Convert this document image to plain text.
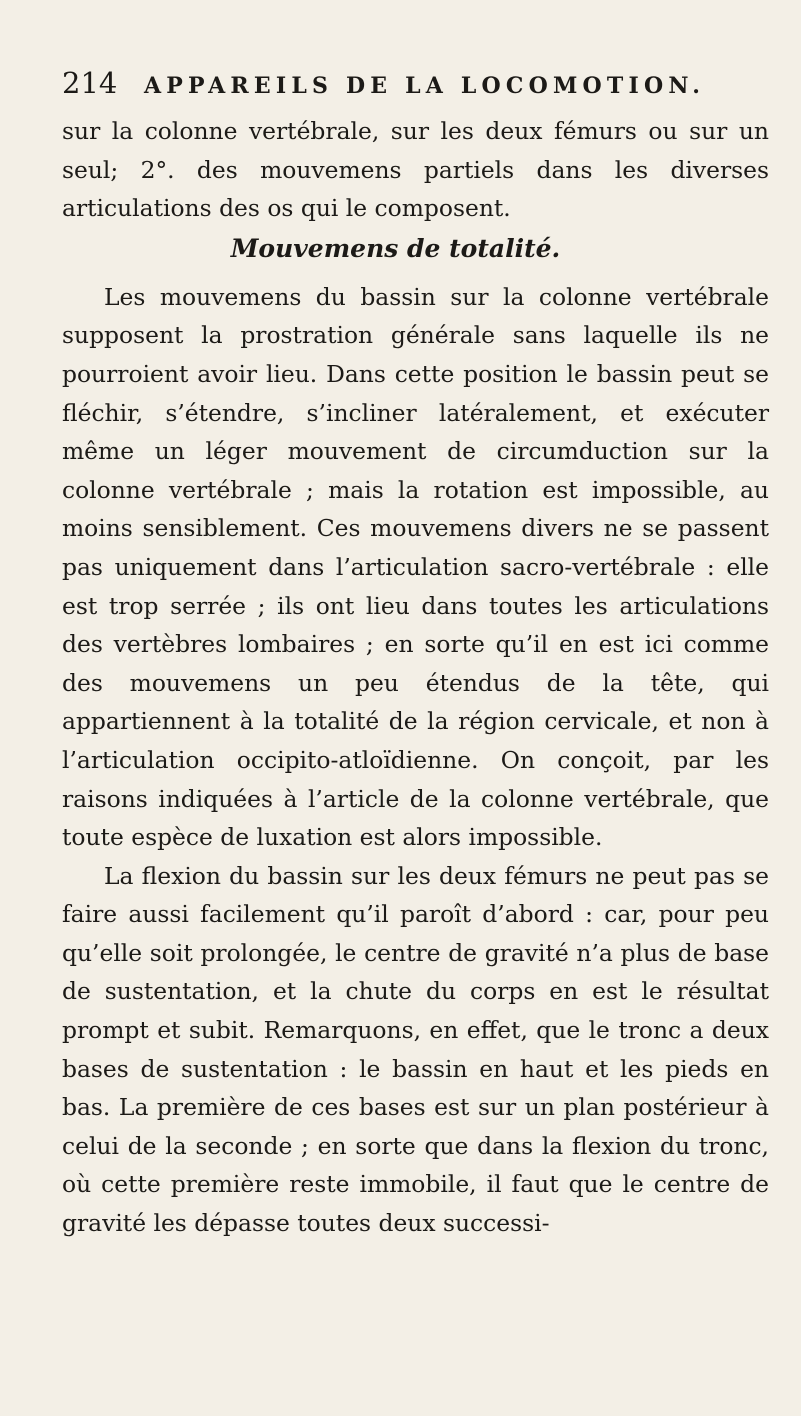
214	APPAREILS DE LA LOCOMOTION.

sur la colonne vertébrale, sur les deux fémurs ou sur un seul; 2°. des mouvemens partiels dans les diverses articulations des os qui le composent.

Mouvemens de totalité.

Les mouvemens du bassin sur la colonne vertébrale supposent la prostration générale sans laquelle ils ne pourroient avoir lieu. Dans cette position le bassin peut se fléchir, s’étendre, s’incliner latéralement, et exécuter même un léger mouvement de circumduction sur la colonne vertébrale ; mais la rotation est impossible, au moins sensiblement. Ces mouvemens divers ne se passent pas uniquement dans l’articulation sacro-vertébrale : elle est trop serrée ; ils ont lieu dans toutes les articulations des vertèbres lombaires ; en sorte qu’il en est ici comme des mouvemens un peu étendus de la tête, qui appartiennent à la totalité de la région cervicale, et non à l’articulation occipito-atloïdienne. On conçoit, par les raisons indiquées à l’article de la colonne vertébrale, que toute espèce de luxation est alors impossible.

La flexion du bassin sur les deux fémurs ne peut pas se faire aussi facilement qu’il paroît d’abord : car, pour peu qu’elle soit prolongée, le centre de gravité n’a plus de base de sustentation, et la chute du corps en est le résultat prompt et subit. Remarquons, en effet, que le tronc a deux bases de sustentation : le bassin en haut et les pieds en bas. La première de ces bases est sur un plan postérieur à celui de la seconde ; en sorte que dans la flexion du tronc, où cette première reste immobile, il faut que le centre de gravité les dépasse toutes deux successi-
